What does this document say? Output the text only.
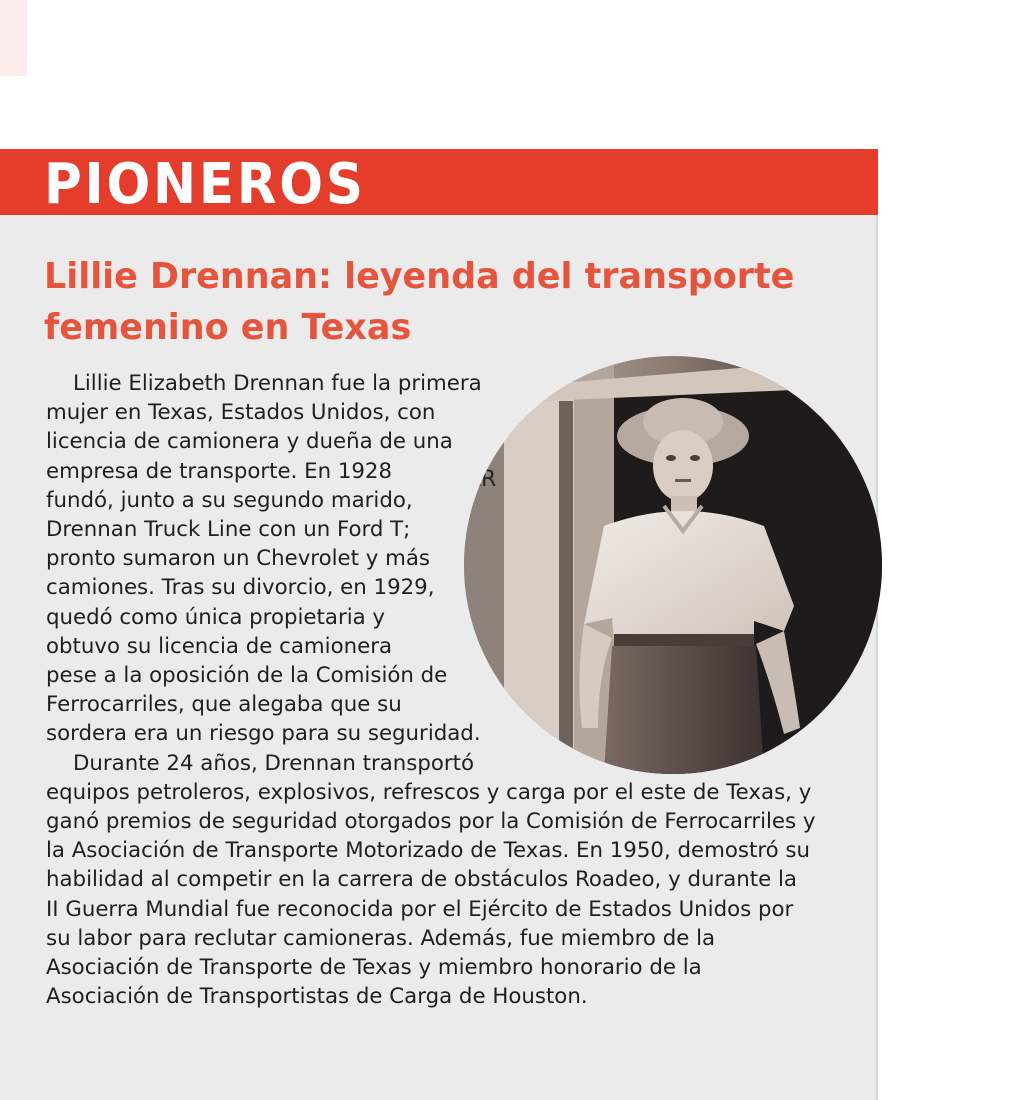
PIONEROS
Lillie Drennan: leyenda del transporte femenino en Texas

Lillie Elizabeth Drennan fue la primera mujer en Texas, Estados Unidos, con licencia de camionera y dueña de una empresa de transporte. En 1928 fundó, junto a su segundo marido, Drennan Truck Line con un Ford T; pronto sumaron un Chevrolet y más camiones. Tras su divorcio, en 1929, quedó como única propietaria y obtuvo su licencia de camionera pese a la oposición de la Comisión de Ferrocarriles, que alegaba que su sordera era un riesgo para su seguridad.

Durante 24 años, Drennan transportó equipos petroleros, explosivos, refrescos y carga por el este de Texas, y ganó premios de seguridad otorgados por la Comisión de Ferrocarriles y la Asociación de Transporte Motorizado de Texas. En 1950, demostró su habilidad al competir en la carrera de obstáculos Roadeo, y durante la II Guerra Mundial fue reconocida por el Ejército de Estados Unidos por su labor para reclutar camioneras. Además, fue miembro de la Asociación de Transporte de Texas y miembro honorario de la Asociación de Transportistas de Carga de Houston.

AR
